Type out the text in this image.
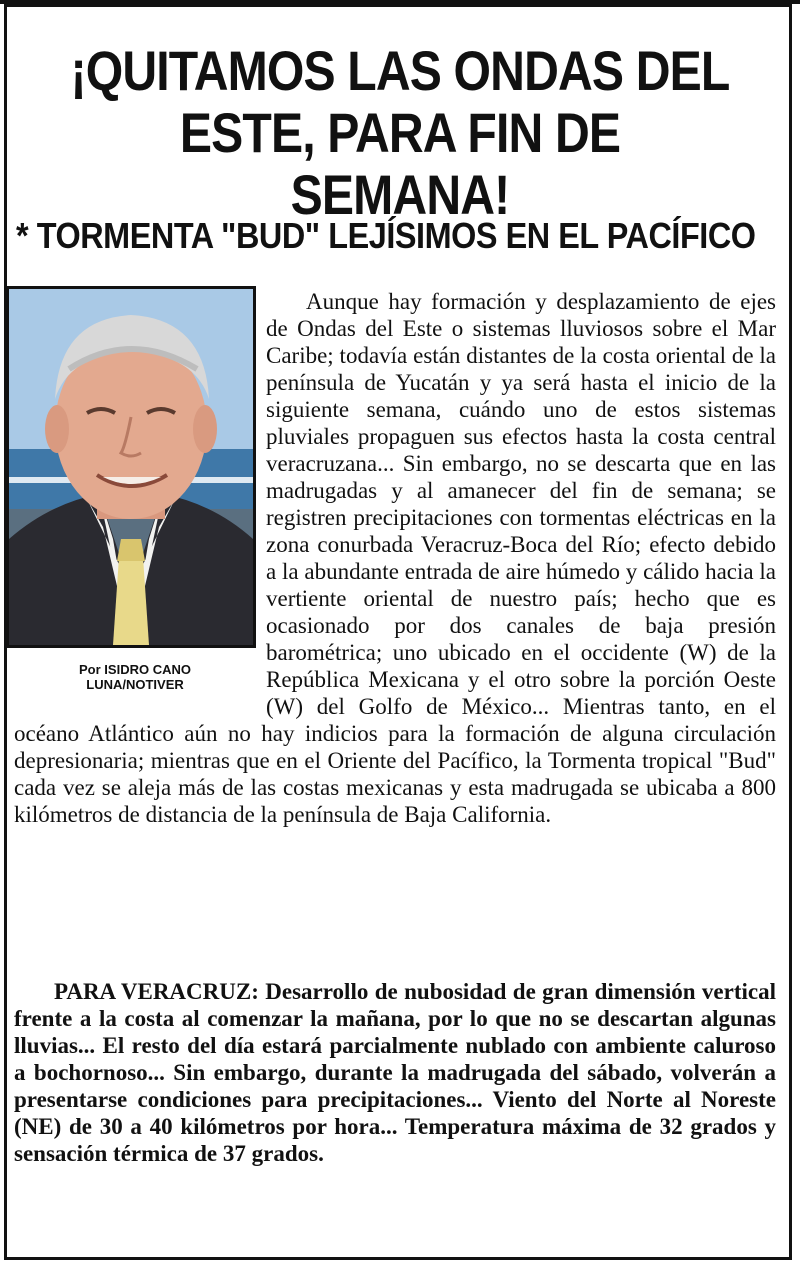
¡QUITAMOS LAS ONDAS DEL ESTE, PARA FIN DE SEMANA!
* TORMENTA "BUD" LEJÍSIMOS EN EL PACÍFICO
Por ISIDRO CANO
LUNA/NOTIVER

Aunque hay formación y desplazamiento de ejes de Ondas del Este o sistemas lluviosos sobre el Mar Caribe; todavía están distantes de la costa oriental de la península de Yucatán y ya será hasta el inicio de la siguiente semana, cuándo uno de estos sistemas pluviales propaguen sus efectos hasta la costa central veracruzana... Sin embargo, no se descarta que en las madrugadas y al amanecer del fin de semana; se registren precipitaciones con tormentas eléctricas en la zona conurbada Veracruz-Boca del Río; efecto debido a la abundante entrada de aire húmedo y cálido hacia la vertiente oriental de nuestro país; hecho que es ocasionado por dos canales de baja presión barométrica; uno ubicado en el occidente (W) de la República Mexicana y el otro sobre la porción Oeste (W) del Golfo de México... Mientras tanto, en el océano Atlántico aún no hay indicios para la formación de alguna circulación depresionaria; mientras que en el Oriente del Pacífico, la Tormenta tropical "Bud" cada vez se aleja más de las costas mexicanas y esta madrugada se ubicaba a 800 kilómetros de distancia de la península de Baja California.

PARA VERACRUZ: Desarrollo de nubosidad de gran dimensión vertical frente a la costa al comenzar la mañana, por lo que no se descartan algunas lluvias... El resto del día estará parcialmente nublado con ambiente caluroso a bochornoso... Sin embargo, durante la madrugada del sábado, volverán a presentarse condiciones para precipitaciones... Viento del Norte al Noreste (NE) de 30 a 40 kilómetros por hora... Temperatura máxima de 32 grados y sensación térmica de 37 grados.
